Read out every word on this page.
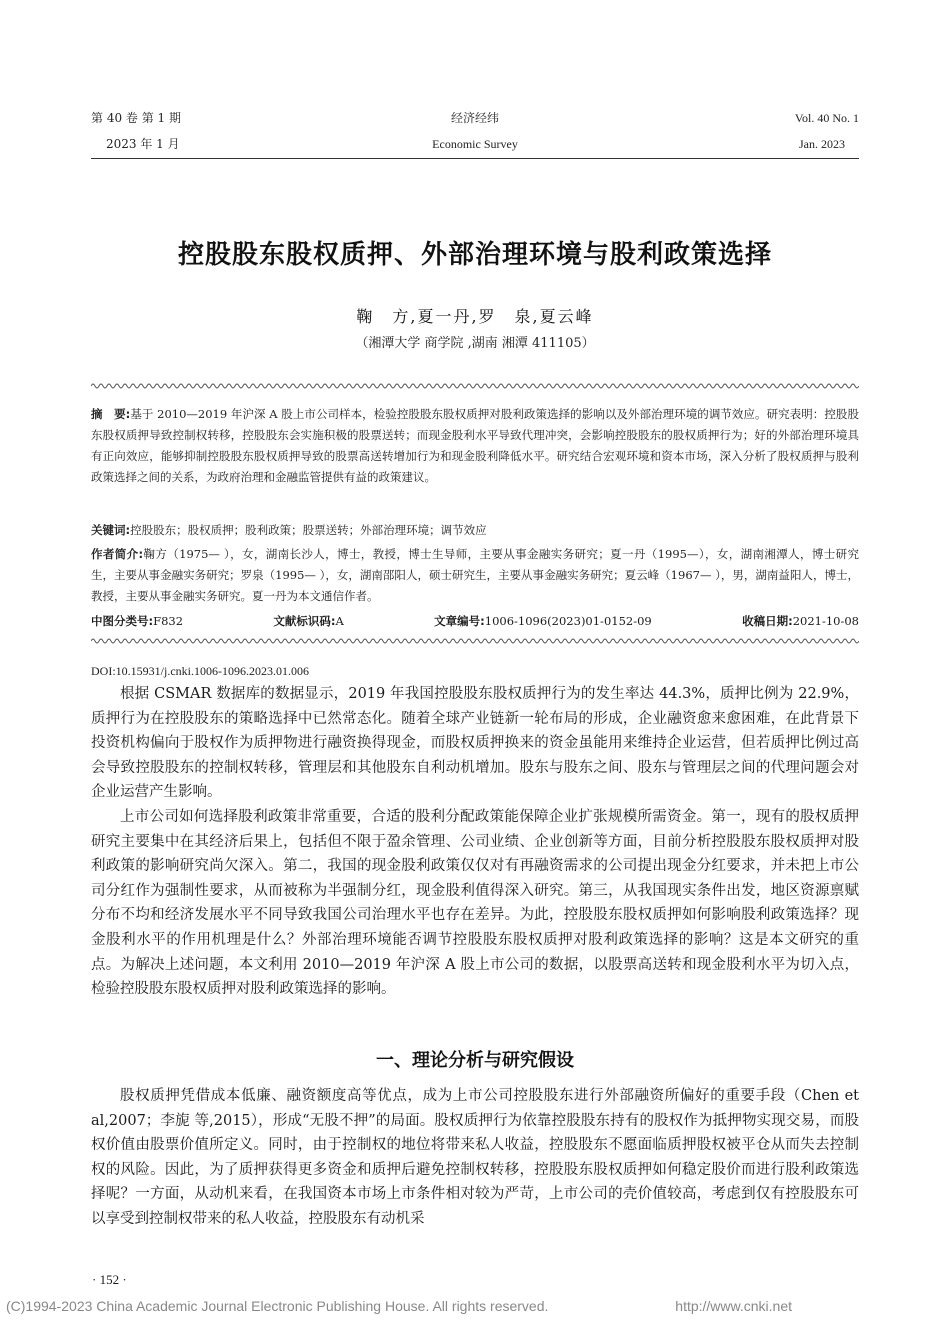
第 40 卷 第 1 期
2023 年 1 月
经济经纬
Economic Survey
Vol. 40 No. 1
Jan. 2023
控股股东股权质押、外部治理环境与股利政策选择
鞠　方,夏一丹,罗　泉,夏云峰
（湘潭大学 商学院 ,湖南 湘潭 411105）
摘　要:基于 2010—2019 年沪深 A 股上市公司样本，检验控股股东股权质押对股利政策选择的影响以及外部治理环境的调节效应。研究表明：控股股东股权质押导致控制权转移，控股股东会实施积极的股票送转；而现金股利水平导致代理冲突，会影响控股股东的股权质押行为；好的外部治理环境具有正向效应，能够抑制控股股东股权质押导致的股票高送转增加行为和现金股利降低水平。研究结合宏观环境和资本市场，深入分析了股权质押与股利政策选择之间的关系，为政府治理和金融监管提供有益的政策建议。
关键词:控股股东；股权质押；股利政策；股票送转；外部治理环境；调节效应
作者简介:鞠方（1975— ），女，湖南长沙人，博士，教授，博士生导师，主要从事金融实务研究；夏一丹（1995—），女，湖南湘潭人，博士研究生，主要从事金融实务研究；罗泉（1995— ），女，湖南邵阳人，硕士研究生，主要从事金融实务研究；夏云峰（1967— ），男，湖南益阳人，博士，教授，主要从事金融实务研究。夏一丹为本文通信作者。
中图分类号:F832	文献标识码:A	文章编号:1006-1096(2023)01-0152-09	收稿日期:2021-10-08
DOI:10.15931/j.cnki.1006-1096.2023.01.006

根据 CSMAR 数据库的数据显示，2019 年我国控股股东股权质押行为的发生率达 44.3%，质押比例为 22.9%，质押行为在控股股东的策略选择中已然常态化。随着全球产业链新一轮布局的形成，企业融资愈来愈困难，在此背景下投资机构偏向于股权作为质押物进行融资换得现金，而股权质押换来的资金虽能用来维持企业运营，但若质押比例过高会导致控股股东的控制权转移，管理层和其他股东自利动机增加。股东与股东之间、股东与管理层之间的代理问题会对企业运营产生影响。

上市公司如何选择股利政策非常重要，合适的股利分配政策能保障企业扩张规模所需资金。第一，现有的股权质押研究主要集中在其经济后果上，包括但不限于盈余管理、公司业绩、企业创新等方面，目前分析控股股东股权质押对股利政策的影响研究尚欠深入。第二，我国的现金股利政策仅仅对有再融资需求的公司提出现金分红要求，并未把上市公司分红作为强制性要求，从而被称为半强制分红，现金股利值得深入研究。第三，从我国现实条件出发，地区资源禀赋分布不均和经济发展水平不同导致我国公司治理水平也存在差异。为此，控股股东股权质押如何影响股利政策选择？现金股利水平的作用机理是什么？外部治理环境能否调节控股股东股权质押对股利政策选择的影响？这是本文研究的重点。为解决上述问题，本文利用 2010—2019 年沪深 A 股上市公司的数据，以股票高送转和现金股利水平为切入点，检验控股股东股权质押对股利政策选择的影响。

一、理论分析与研究假设

股权质押凭借成本低廉、融资额度高等优点，成为上市公司控股股东进行外部融资所偏好的重要手段（Chen et al,2007；李旎 等,2015），形成“无股不押”的局面。股权质押行为依靠控股股东持有的股权作为抵押物实现交易，而股权价值由股票价值所定义。同时，由于控制权的地位将带来私人收益，控股股东不愿面临质押股权被平仓从而失去控制权的风险。因此，为了质押获得更多资金和质押后避免控制权转移，控股股东股权质押如何稳定股价而进行股利政策选择呢？一方面，从动机来看，在我国资本市场上市条件相对较为严苛，上市公司的壳价值较高，考虑到仅有控股股东可以享受到控制权带来的私人收益，控股股东有动机采

· 152 ·
(C)1994-2023 China Academic Journal Electronic Publishing House. All rights reserved.	http://www.cnki.net
